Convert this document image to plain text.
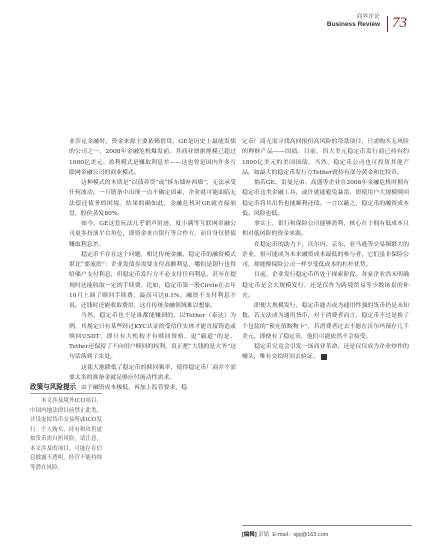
商界评论
Business Review 73

业涉足金融时，资金来源主要依赖借贷。GE是历史上最能发债的公司之一，2008年金融危机爆发前，其商业票据规模已超过1000亿美元。盈利模式是赚取利息差——这也曾是国内许多互联网金融公司的商业模式。

这种模式的本质是“以债养贷”或“拆东墙补西墙”，无法承受任何波动。一旦链条中出现一点不确定因素，企业就可能面临无法偿还债务的困境。结果的确如此，金融危机时GE就直接崩盘，股价蒸发80%。

如今，GE这套玩法几乎销声匿迹，度小满等互联网金融公司更多扮演平台角色，即资金来自银行等合作方，而自身仅借债赚取利息差。

稳定币不存在这个问题，相比传统金融，稳定币的融资模式堪比“要流氓”：企业发债券需要支付高额利息，哪怕是银行也得给储户支付利息，但稳定币发行方不必支付任何利息，甚至在提现时还能收取一定的手续费。比如，稳定币第一股Circle在去年10月上调了赎回手续费，最高可达0.1%，融资不支付利息不说，还钱时还能收取费用，这在传统金融领域难以想象。

当然，稳定币也不是谁都能赚到的，以Tether（泰达）为例，其规定只有某些经过KYC认证的受信任实体才能直接铸造或赎回USDT，即只有大机构才有赎回资格，更“霸道”的是，Tether还保留了不向用户赎回的权利，真正把“大钱的是大爷”这句话落到了实处。

这使大地降低了稳定币的赎回频率，使得稳定币厂商并不需要太多的准备金就足够应付流动性需求。

由于融资成本极低，再加上监管要求，稳

定币厂商无需寻找高回报但高风险的贷款项目，只需购买无风险的理财产品——国债。目前，四大美元稳定币发行商已持有约1800亿美元的美国国债，当然，稳定币公司也可投资其他产品，如最大的稳定币发行方Tether就持有部分黄金和比特币。

倘若GE、雷曼兄弟、高盛等企业在2008年金融危机时拥有稳定币这类金融工具，或许就能避免暴雷，即使用户大规模赎回稳定币将其出售也能顺利还债。一言以蔽之，稳定币的融资成本低、风险也低。

事实上，银行和保险公司能够盈利，核心在于拥有低成本且相对低风险的资金来源。

在稳定币的助力下，沃尔玛、京东、亚马逊等交易频繁大的企业，很可能成为未来融资成本最低的参与者，它们虽非保险公司，却能像保险公司一样享受低成本的杠杆优势。

目前，企业发行稳定币仍处于探索阶段。各家企业尚未明确稳定币是会大规模发行，还是仅作为跨境贸易等少数场景的补充。

即便大规模发行，稳定币能否成为通用性强的货币仍是未知数。若无法成为通用货币，对于消费者而言，稳定币不过是换了个包装的“预充值购物卡”，若消费者过去不愿在沃尔玛预存几千美元，即便有了稳定币，他们可能依然不会接受。

稳定币究竟会引发一场商业革命，还是仅仅成为企业炒作的噱头，唯有交给时间去验证。

政策与风险提示
本文涉及境外ICO项目，中国内地法律目前禁止此类、并设虚拟货币交易所或ICO发行。个人购买、持有和出售虚拟货币需自担风险，请注意，本文涉及的项目，可能存在信息披露不透明，经营不能持续等潜在风险。
[编辑] 彭婧 E-mail：sjpj@163.com
